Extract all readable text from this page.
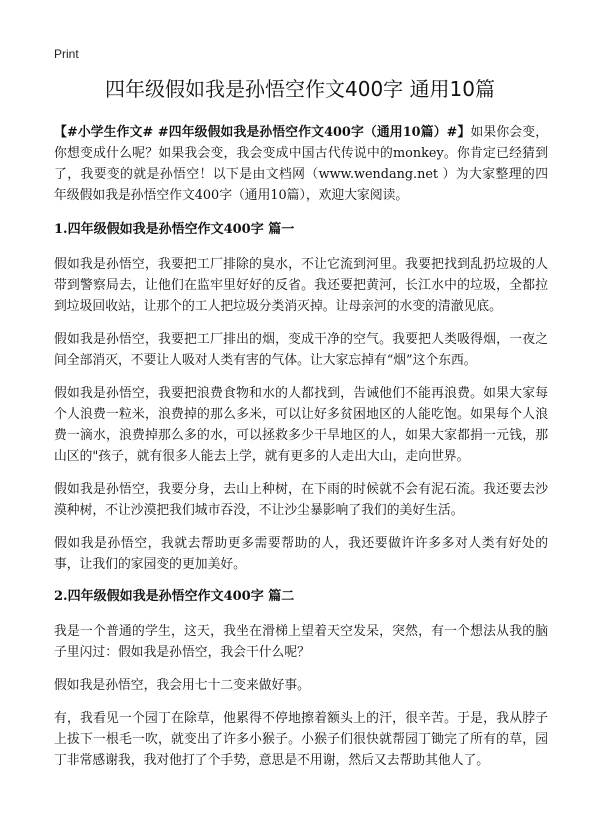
Print
四年级假如我是孙悟空作文400字 通用10篇

【#小学生作文# #四年级假如我是孙悟空作文400字（通用10篇）#】如果你会变，你想变成什么呢？如果我会变，我会变成中国古代传说中的monkey。你肯定已经猜到了，我要变的就是孙悟空！以下是由文档网（www.wendang.net ）为大家整理的四年级假如我是孙悟空作文400字（通用10篇），欢迎大家阅读。

1.四年级假如我是孙悟空作文400字 篇一

假如我是孙悟空，我要把工厂排除的臭水，不让它流到河里。我要把找到乱扔垃圾的人带到警察局去，让他们在监牢里好好的反省。我还要把黄河，长江水中的垃圾，全都拉到垃圾回收站，让那个的工人把垃圾分类消灭掉。让母亲河的水变的清澈见底。

假如我是孙悟空，我要把工厂排出的烟，变成干净的空气。我要把人类吸得烟，一夜之间全部消灭，不要让人吸对人类有害的气体。让大家忘掉有“烟”这个东西。

假如我是孙悟空，我要把浪费食物和水的人都找到，告诫他们不能再浪费。如果大家每个人浪费一粒米，浪费掉的那么多米，可以让好多贫困地区的人能吃饱。如果每个人浪费一滴水，浪费掉那么多的水，可以拯救多少干旱地区的人，如果大家都捐一元钱，那山区的"孩子，就有很多人能去上学，就有更多的人走出大山，走向世界。

假如我是孙悟空，我要分身，去山上种树，在下雨的时候就不会有泥石流。我还要去沙漠种树，不让沙漠把我们城市吞没，不让沙尘暴影响了我们的美好生活。

假如我是孙悟空，我就去帮助更多需要帮助的人，我还要做许许多多对人类有好处的事，让我们的家园变的更加美好。

2.四年级假如我是孙悟空作文400字 篇二

我是一个普通的学生，这天，我坐在滑梯上望着天空发呆，突然，有一个想法从我的脑子里闪过：假如我是孙悟空，我会干什么呢？

假如我是孙悟空，我会用七十二变来做好事。

有，我看见一个园丁在除草，他累得不停地擦着额头上的汗，很辛苦。于是，我从脖子上拔下一根毛一吹，就变出了许多小猴子。小猴子们很快就帮园丁锄完了所有的草，园丁非常感谢我，我对他打了个手势，意思是不用谢，然后又去帮助其他人了。
